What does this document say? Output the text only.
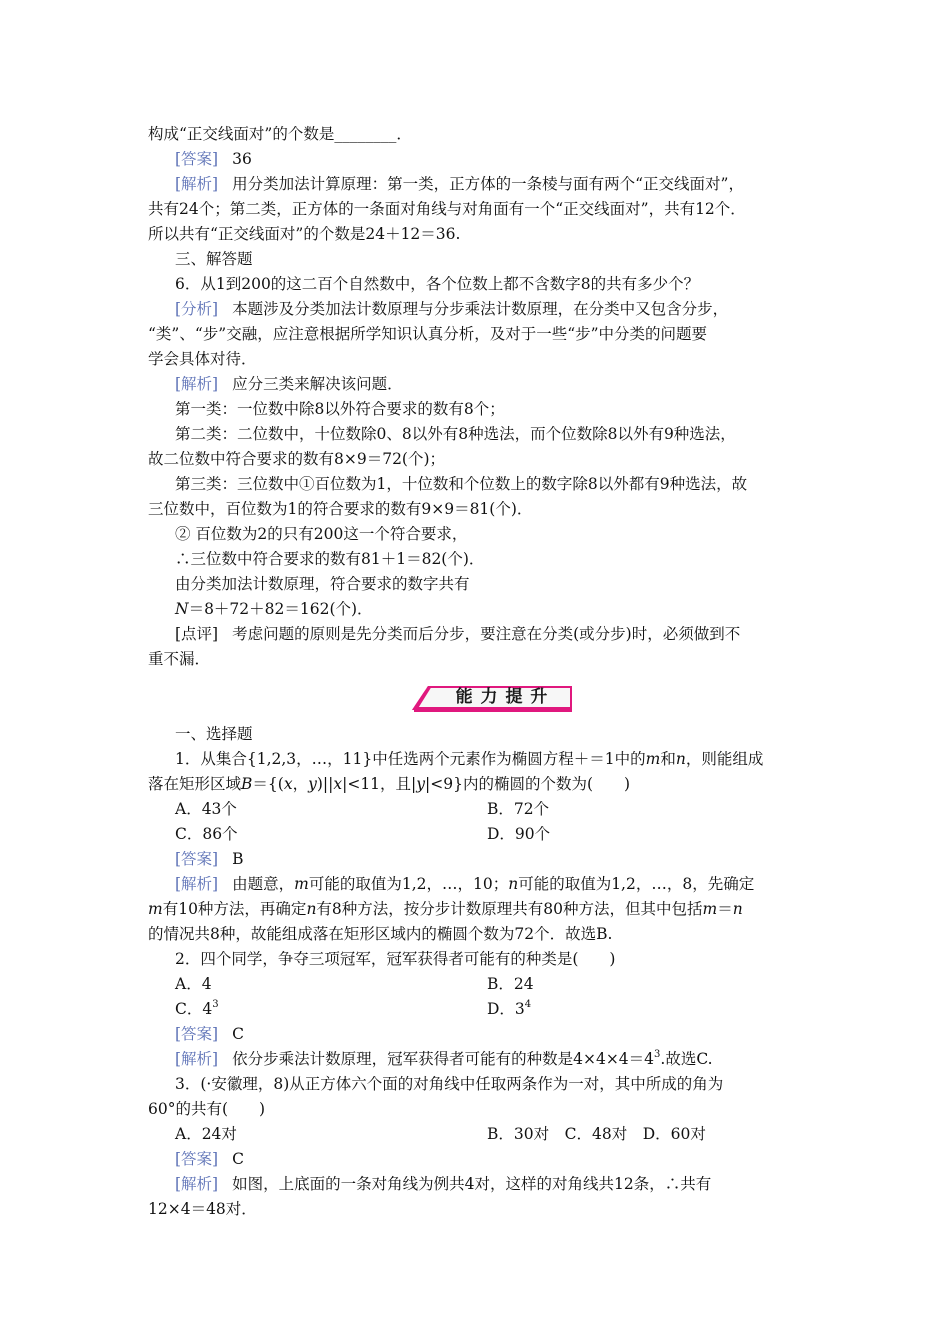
构成“正交线面对”的个数是________．
[答案] 36
[解析] 用分类加法计算原理：第一类，正方体的一条棱与面有两个“正交线面对”，
共有24个；第二类，正方体的一条面对角线与对角面有一个“正交线面对”，共有12个．
所以共有“正交线面对”的个数是24＋12＝36.
三、解答题
6．从1到200的这二百个自然数中，各个位数上都不含数字8的共有多少个？
[分析] 本题涉及分类加法计数原理与分步乘法计数原理，在分类中又包含分步，
“类”、“步”交融，应注意根据所学知识认真分析，及对于一些“步”中分类的问题要
学会具体对待．
[解析] 应分三类来解决该问题．
第一类：一位数中除8以外符合要求的数有8个；
第二类：二位数中，十位数除0、8以外有8种选法，而个位数除8以外有9种选法，
故二位数中符合要求的数有8×9＝72(个)；
第三类：三位数中①百位数为1，十位数和个位数上的数字除8以外都有9种选法，故
三位数中，百位数为1的符合要求的数有9×9＝81(个)．
② 百位数为2的只有200这一个符合要求，
∴三位数中符合要求的数有81＋1＝82(个)．
由分类加法计数原理，符合要求的数字共有
N＝8＋72＋82＝162(个)．
[点评] 考虑问题的原则是先分类而后分步，要注意在分类(或分步)时，必须做到不
重不漏．
能 力 提 升
一、选择题
1．从集合{1,2,3，…，11}中任选两个元素作为椭圆方程＋＝1中的m和n，则能组成
落在矩形区域B＝{(x，y)||x|<11，且|y|<9}内的椭圆的个数为(　　)
A．43个	B．72个
C．86个	D．90个
[答案] B
[解析] 由题意，m可能的取值为1,2，…，10；n可能的取值为1,2，…，8，先确定
m有10种方法，再确定n有8种方法，按分步计数原理共有80种方法，但其中包括m＝n
的情况共8种，故能组成落在矩形区域内的椭圆个数为72个．故选B.
2．四个同学，争夺三项冠军，冠军获得者可能有的种类是(　　)
A．4	B．24
C．$4^3$	D．$3^4$
[答案] C
[解析] 依分步乘法计数原理，冠军获得者可能有的种数是$4\times 4\times 4=4^3$.故选C.
3．(·安徽理，8)从正方体六个面的对角线中任取两条作为一对，其中所成的角为
60°的共有(　　)
A．24对	B．30对　C．48对　D．60对
[答案] C
[解析] 如图，上底面的一条对角线为例共4对，这样的对角线共12条，∴共有
12×4＝48对．
